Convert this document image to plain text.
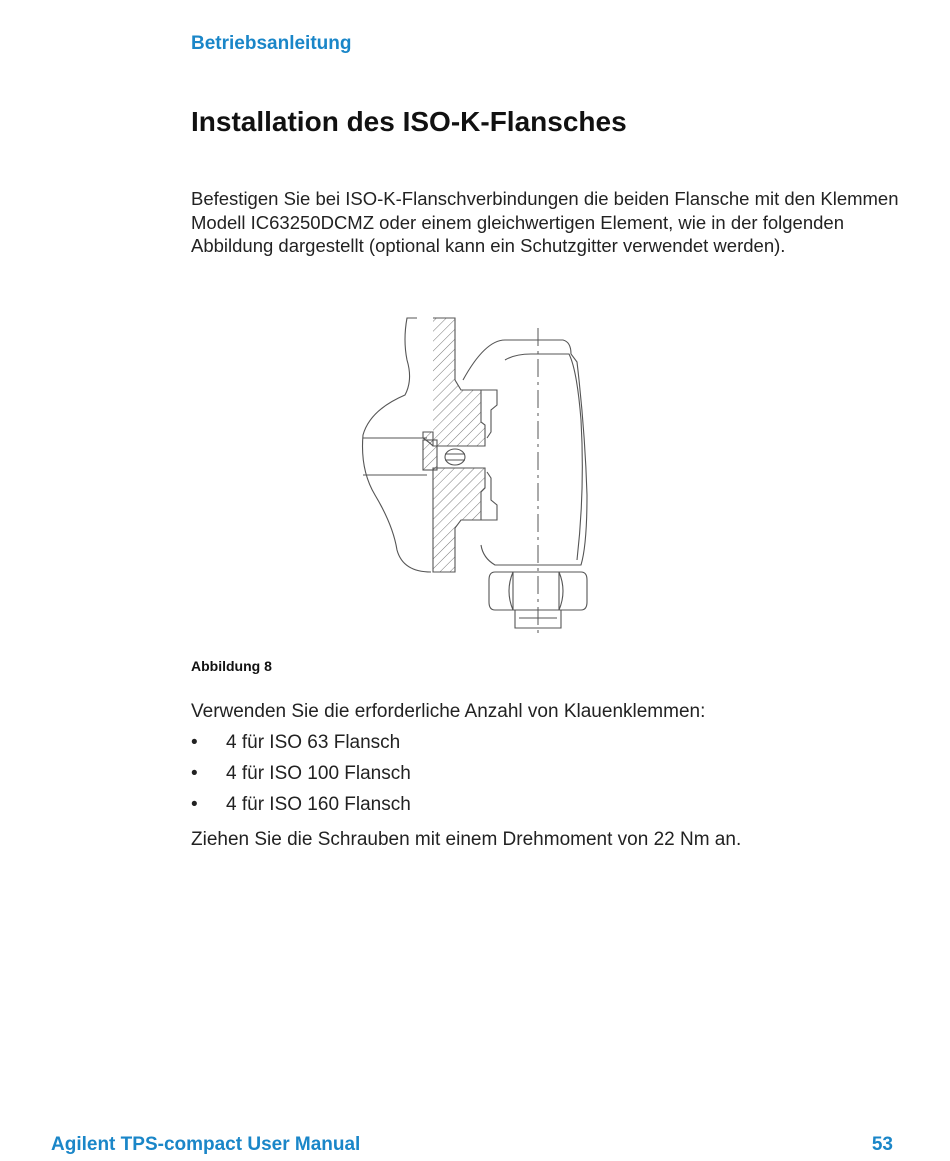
Betriebsanleitung
Installation des ISO-K-Flansches

Befestigen Sie bei ISO-K-Flanschverbindungen die beiden Flansche mit den Klemmen Modell IC63250DCMZ oder einem gleichwertigen Element, wie in der folgenden Abbildung dargestellt (optional kann ein Schutzgitter verwendet werden).

Abbildung 8

Verwenden Sie die erforderliche Anzahl von Klauenklemmen:

• 4 für ISO 63 Flansch
• 4 für ISO 100 Flansch
• 4 für ISO 160 Flansch

Ziehen Sie die Schrauben mit einem Drehmoment von 22 Nm an.

Agilent TPS-compact User Manual	53
